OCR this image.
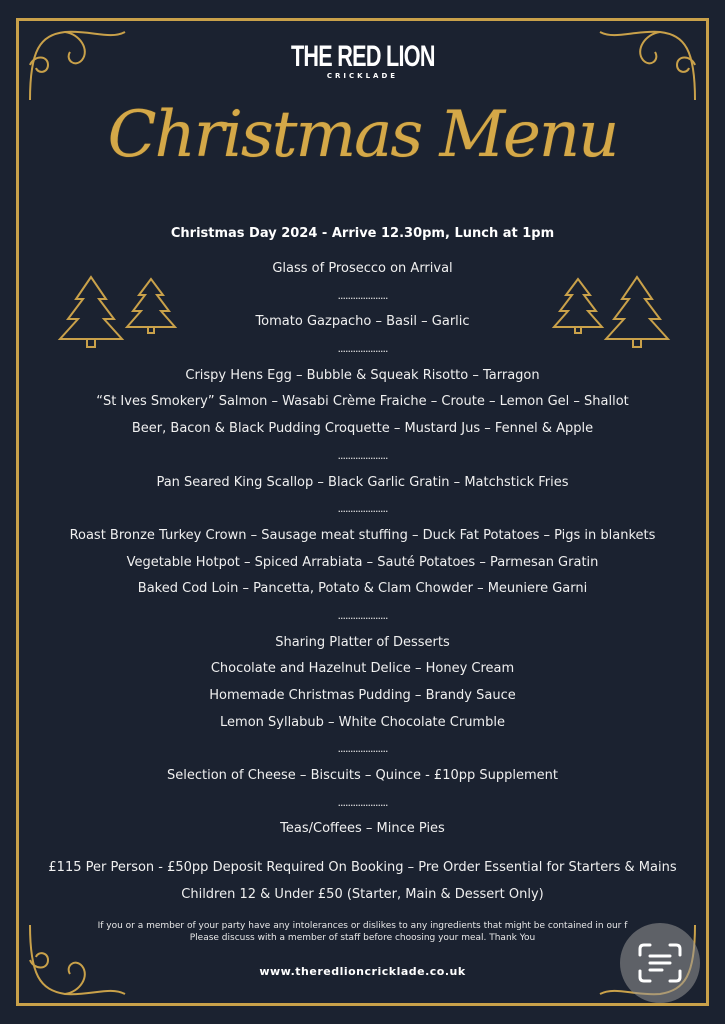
THE RED LION
CRICKLADE
Christmas Menu
Christmas Day 2024 - Arrive 12.30pm, Lunch at 1pm
Glass of Prosecco on Arrival
....................
Tomato Gazpacho – Basil – Garlic
....................
Crispy Hens Egg – Bubble & Squeak Risotto – Tarragon
“St Ives Smokery” Salmon – Wasabi Crème Fraiche – Croute – Lemon Gel – Shallot
Beer, Bacon & Black Pudding Croquette – Mustard Jus – Fennel & Apple
....................
Pan Seared King Scallop – Black Garlic Gratin – Matchstick Fries
....................
Roast Bronze Turkey Crown – Sausage meat stuffing – Duck Fat Potatoes – Pigs in blankets
Vegetable Hotpot – Spiced Arrabiata – Sauté Potatoes – Parmesan Gratin
Baked Cod Loin – Pancetta, Potato & Clam Chowder – Meuniere Garni
....................
Sharing Platter of Desserts
Chocolate and Hazelnut Delice – Honey Cream
Homemade Christmas Pudding – Brandy Sauce
Lemon Syllabub – White Chocolate Crumble
....................
Selection of Cheese – Biscuits – Quince - £10pp Supplement
....................
Teas/Coffees – Mince Pies
£115 Per Person - £50pp Deposit Required On Booking – Pre Order Essential for Starters & Mains
Children 12 & Under £50 (Starter, Main & Dessert Only)
If you or a member of your party have any intolerances or dislikes to any ingredients that might be contained in our f
Please discuss with a member of staff before choosing your meal. Thank You
www.theredlioncricklade.co.uk
